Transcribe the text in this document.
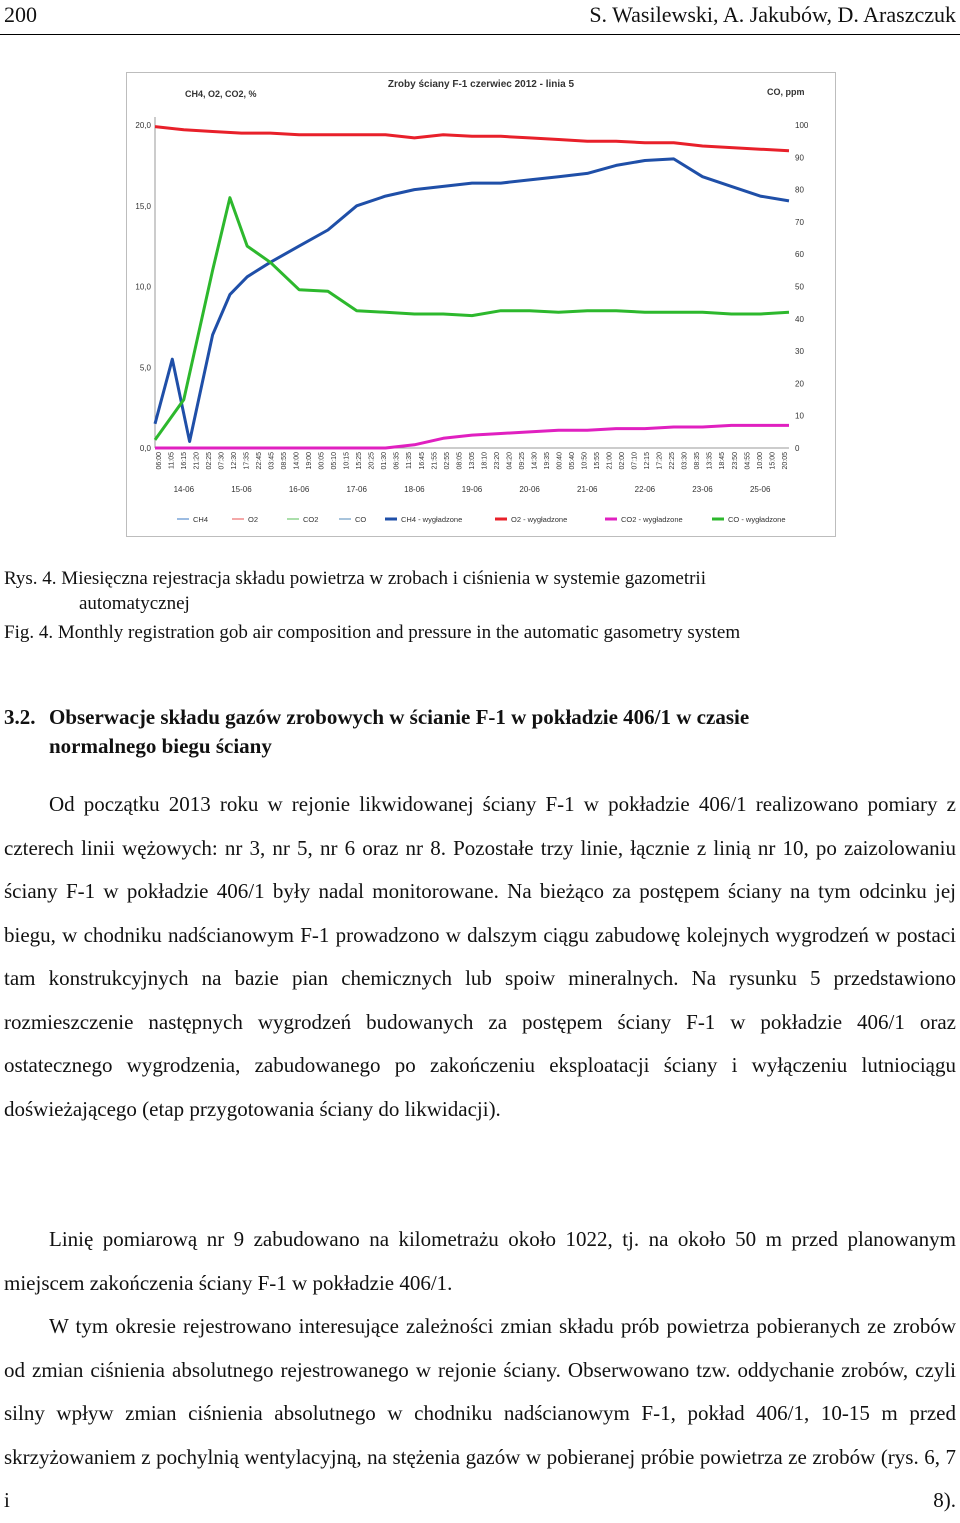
200	S. Wasilewski, A. Jakubów, D. Araszczuk
Zroby ściany F-1 czerwiec 2012 - linia 5
CH4, O2, CO2, %	CO, ppm
0,0
5,0
10,0
15,0
20,0
0
10
20
30
40
50
60
70
80
90
100
06:00 11:05 16:15 21:20 02:25 07:30 12:30 17:35 22:45 03:45 08:55 14:00 19:00 00:05 05:10 10:15 15:25 20:25 01:30 06:35 11:35 16:45 21:55 02:55 08:05 13:05 18:10 23:20 04:20 09:25 14:30 19:35 00:40 05:40 10:50 15:55 21:00 02:00 07:10 12:15 17:20 22:25 03:30 08:35 13:35 18:45 23:50 04:55 10:00 15:00 20:05
14-06	15-06	16-06	17-06	18-06	19-06	20-06	21-06	22-06	23-06	25-06
CH4	O2	CO2	CO	CH4 - wygładzone	O2 - wygładzone	CO2 - wygładzone	CO - wygładzone
Rys. 4. Miesięczna rejestracja składu powietrza w zrobach i ciśnienia w systemie gazometrii
automatycznej
Fig. 4. Monthly registration gob air composition and pressure in the automatic gasometry system
3.2. Obserwacje składu gazów zrobowych w ścianie F-1 w pokładzie 406/1 w czasie
normalnego biegu ściany
Od początku 2013 roku w rejonie likwidowanej ściany F-1 w pokładzie 406/1 realizowano pomiary z czterech linii wężowych: nr 3, nr 5, nr 6 oraz nr 8. Pozostałe trzy linie, łącznie z linią nr 10, po zaizolowaniu ściany F-1 w pokładzie 406/1 były nadal monitorowane. Na bieżąco za postępem ściany na tym odcinku jej biegu, w chodniku nadścianowym F-1 prowadzono w dalszym ciągu zabudowę kolejnych wygrodzeń w postaci tam konstrukcyjnych na bazie pian chemicznych lub spoiw mineralnych. Na rysunku 5 przedstawiono rozmieszczenie następnych wygrodzeń budowanych za postępem ściany F-1 w pokładzie 406/1 oraz ostatecznego wygrodzenia, zabudowanego po zakończeniu eksploatacji ściany i wyłączeniu lutniociągu doświeżającego (etap przygotowania ściany do likwidacji).
Linię pomiarową nr 9 zabudowano na kilometrażu około 1022, tj. na około 50 m przed planowanym miejscem zakończenia ściany F-1 w pokładzie 406/1.
W tym okresie rejestrowano interesujące zależności zmian składu prób powietrza pobieranych ze zrobów od zmian ciśnienia absolutnego rejestrowanego w rejonie ściany. Obserwowano tzw. oddychanie zrobów, czyli silny wpływ zmian ciśnienia absolutnego w chodniku nadścianowym F-1, pokład 406/1, 10-15 m przed skrzyżowaniem z pochylnią wentylacyjną, na stężenia gazów w pobieranej próbie powietrza ze zrobów (rys. 6, 7 i 8).
